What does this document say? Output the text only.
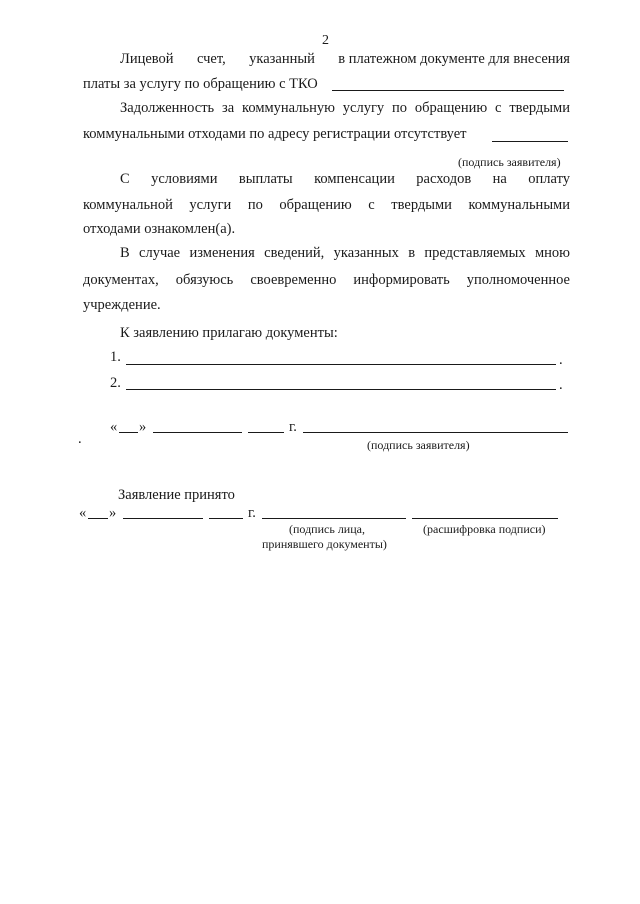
2
Лицевой счет, указанный в платежном документе для внесения
платы за услугу по обращению с ТКО
Задолженность за коммунальную услугу по обращению с твердыми
коммунальными отходами по адресу регистрации отсутствует
(подпись заявителя)
С условиями выплаты компенсации расходов на оплату
коммунальной услуги по обращению с твердыми коммунальными
отходами ознакомлен(а).
В случае изменения сведений, указанных в представляемых мною
документах, обязуюсь своевременно информировать уполномоченное
учреждение.
К заявлению прилагаю документы:
1.	.
2.	.
« »	г.
(подпись заявителя)
.
Заявление принято
« »	г.
(подпись лица,
принявшего документы)
(расшифровка подписи)
